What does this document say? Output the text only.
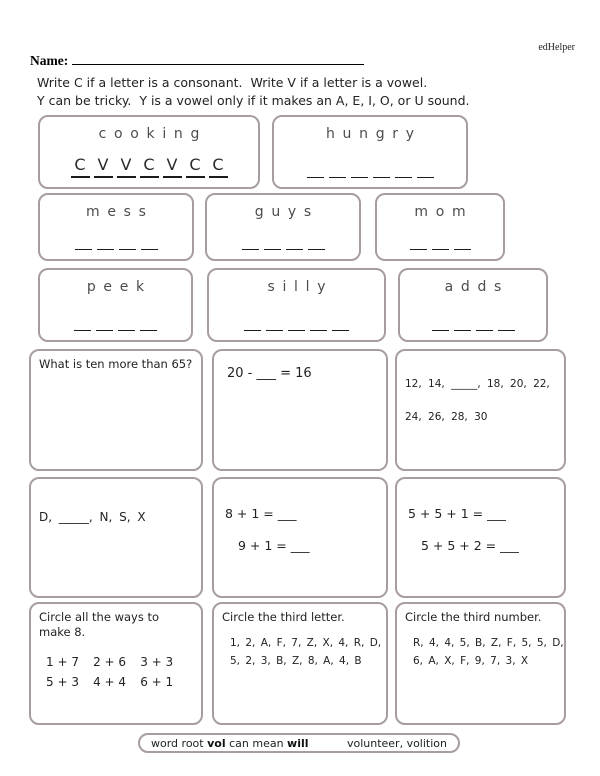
edHelper
Name:
Write C if a letter is a consonant.  Write V if a letter is a vowel.
Y can be tricky.  Y is a vowel only if it makes an A, E, I, O, or U sound.
cooking
C V V C V C C
hungry
mess	guys	mom
peek	silly	adds
What is ten more than 65?
20 - ___ = 16
12, 14, _____, 18, 20, 22,
24, 26, 28, 30
D, _____, N, S, X	8 + 1 = ___
9 + 1 = ___
5 + 5 + 1 = ___
5 + 5 + 2 = ___
Circle all the ways to make 8.
1 + 7 2 + 6 3 + 3
5 + 3 4 + 4 6 + 1
Circle the third letter.
1, 2, A, F, 7, Z, X, 4, R, D,
5, 2, 3, B, Z, 8, A, 4, B
Circle the third number.
R, 4, 4, 5, B, Z, F, 5, 5, D,
6, A, X, F, 9, 7, 3, X
word root vol can mean will	volunteer, volition
